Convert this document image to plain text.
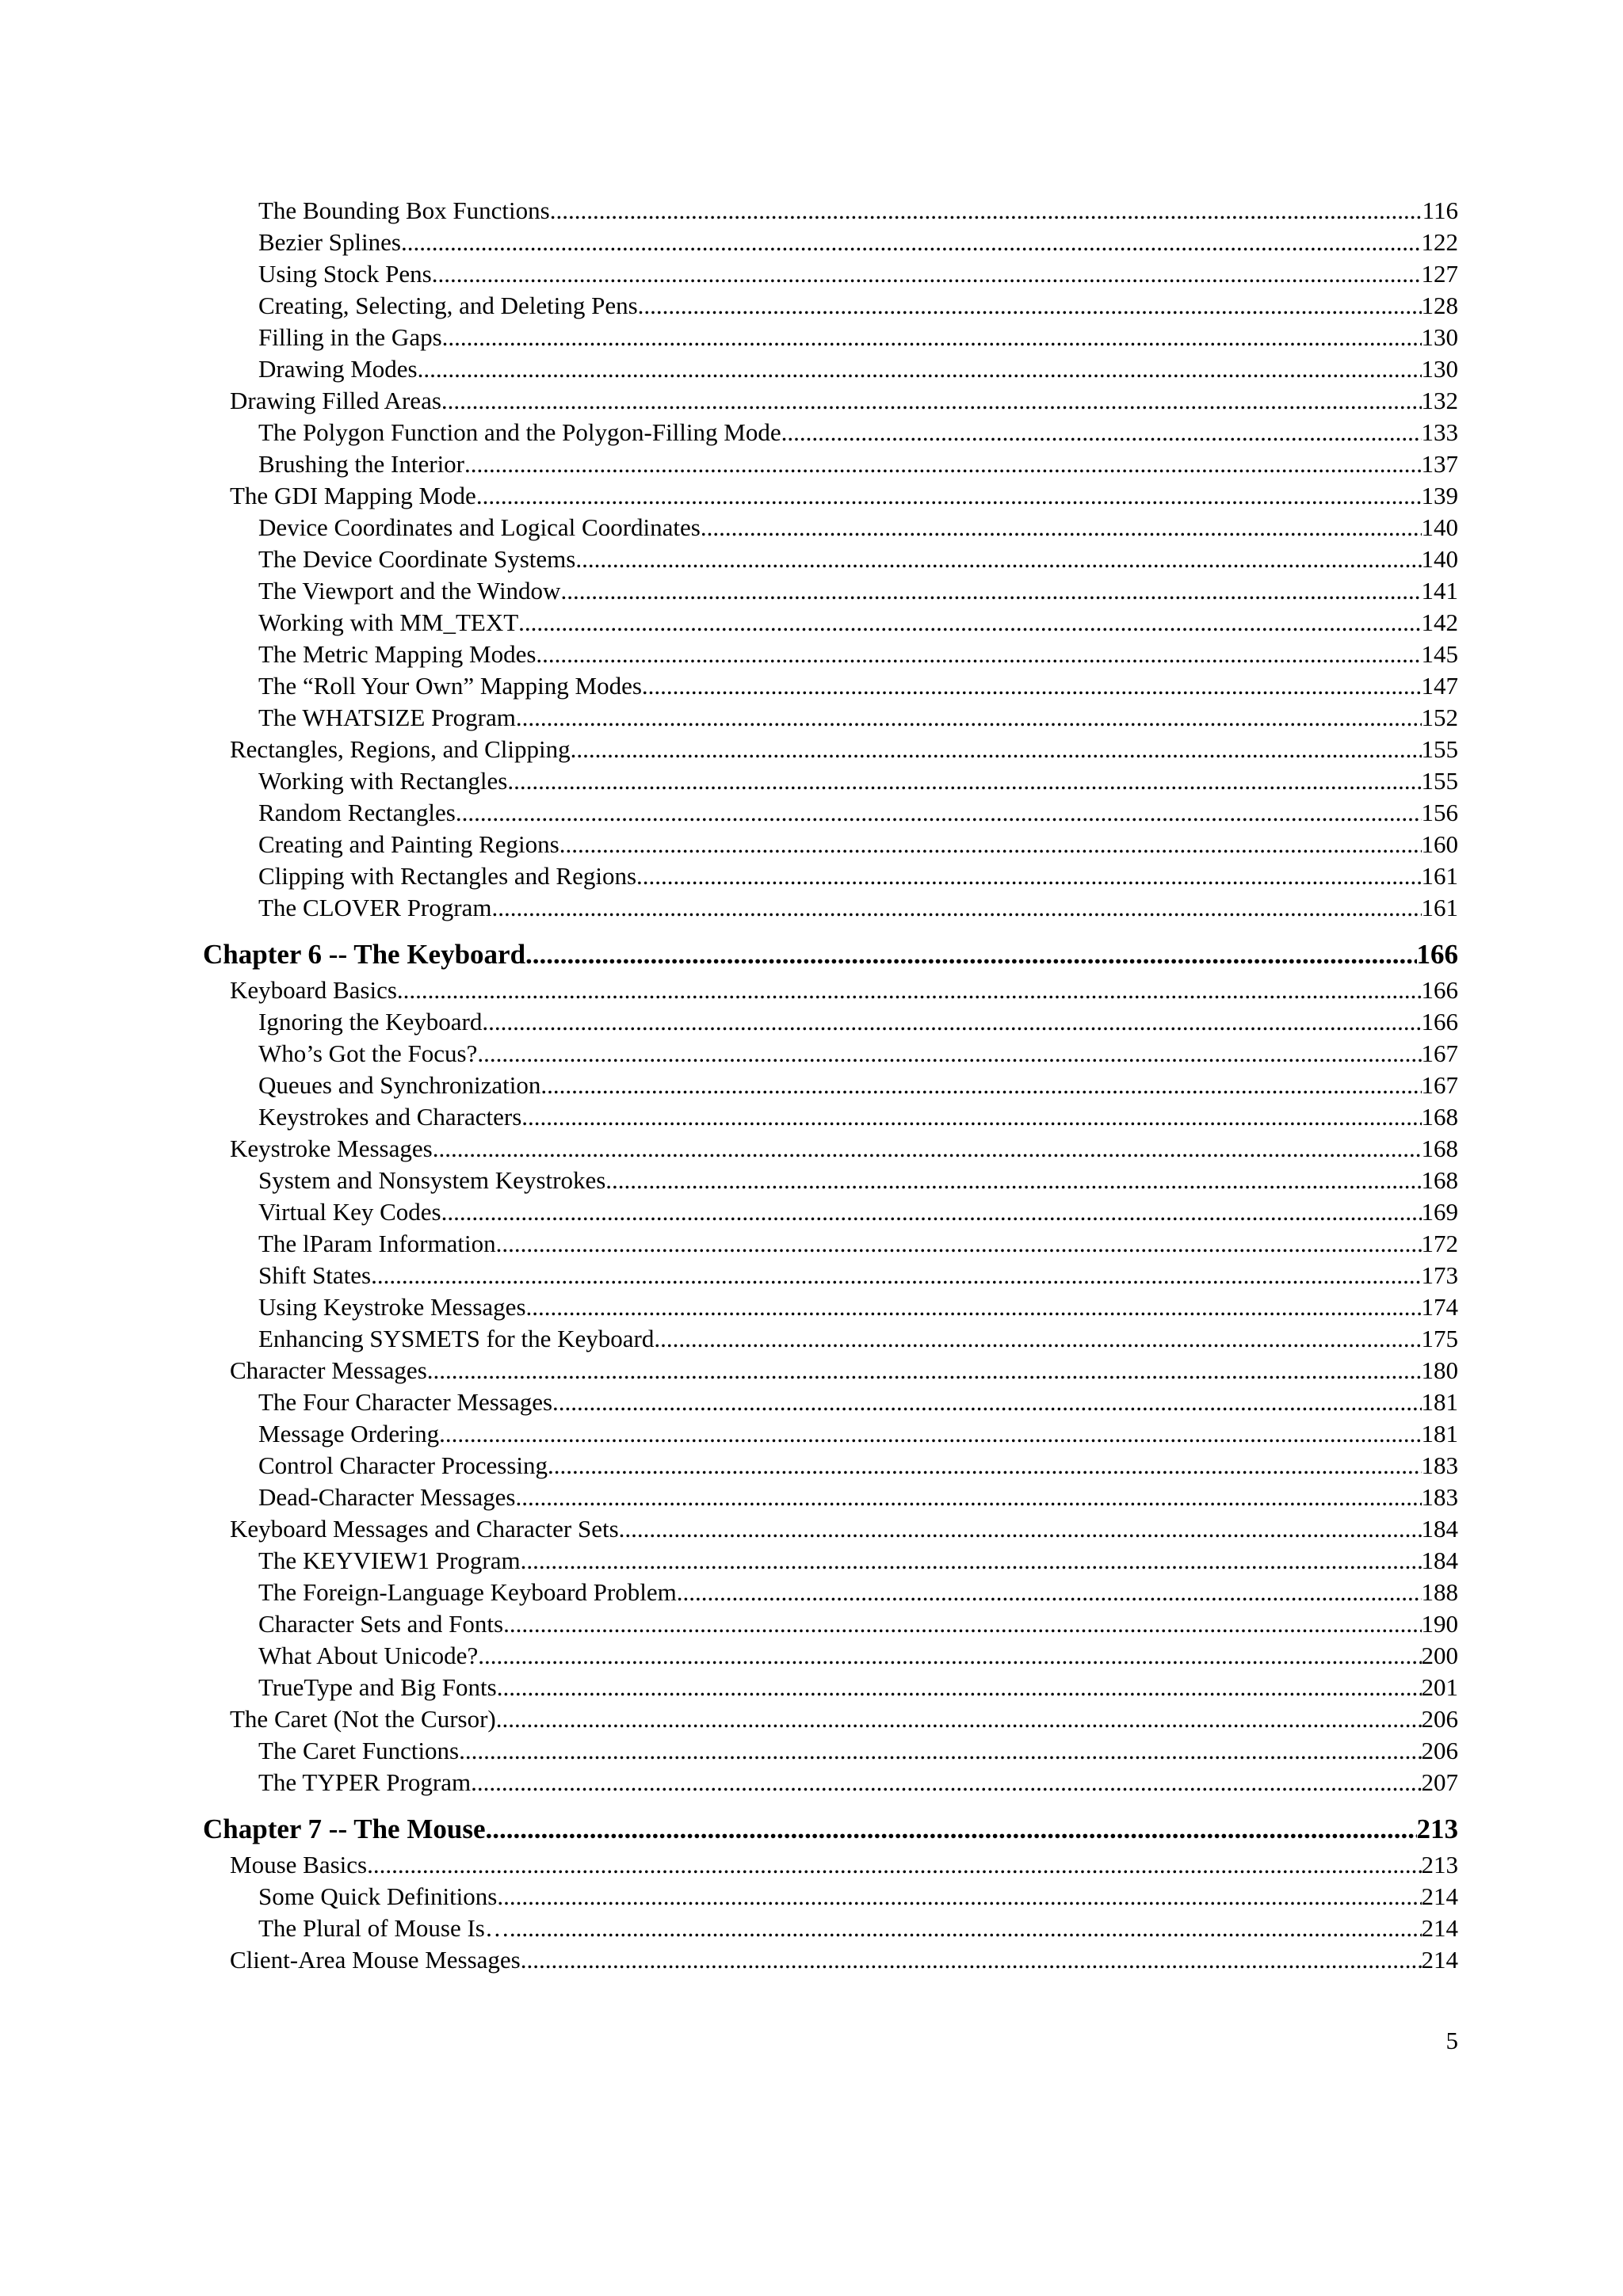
The Bounding Box Functions .....	116
Bezier Splines .....	122
Using Stock Pens .....	127
Creating, Selecting, and Deleting Pens .....	128
Filling in the Gaps .....	130
Drawing Modes .....	130
Drawing Filled Areas .....	132
The Polygon Function and the Polygon-Filling Mode .....	133
Brushing the Interior .....	137
The GDI Mapping Mode .....	139
Device Coordinates and Logical Coordinates .....	140
The Device Coordinate Systems .....	140
The Viewport and the Window .....	141
Working with MM_TEXT .....	142
The Metric Mapping Modes .....	145
The “Roll Your Own” Mapping Modes .....	147
The WHATSIZE Program .....	152
Rectangles, Regions, and Clipping .....	155
Working with Rectangles .....	155
Random Rectangles .....	156
Creating and Painting Regions .....	160
Clipping with Rectangles and Regions .....	161
The CLOVER Program .....	161
Chapter 6 -- The Keyboard .....	166
Keyboard Basics .....	166
Ignoring the Keyboard .....	166
Who’s Got the Focus? .....	167
Queues and Synchronization .....	167
Keystrokes and Characters .....	168
Keystroke Messages .....	168
System and Nonsystem Keystrokes .....	168
Virtual Key Codes .....	169
The lParam Information .....	172
Shift States .....	173
Using Keystroke Messages .....	174
Enhancing SYSMETS for the Keyboard .....	175
Character Messages .....	180
The Four Character Messages .....	181
Message Ordering .....	181
Control Character Processing .....	183
Dead-Character Messages .....	183
Keyboard Messages and Character Sets .....	184
The KEYVIEW1 Program .....	184
The Foreign-Language Keyboard Problem .....	188
Character Sets and Fonts .....	190
What About Unicode? .....	200
TrueType and Big Fonts .....	201
The Caret (Not the Cursor) .....	206
The Caret Functions .....	206
The TYPER Program .....	207
Chapter 7 -- The Mouse .....	213
Mouse Basics .....	213
Some Quick Definitions .....	214
The Plural of Mouse Is… .....	214
Client-Area Mouse Messages .....	214
5
